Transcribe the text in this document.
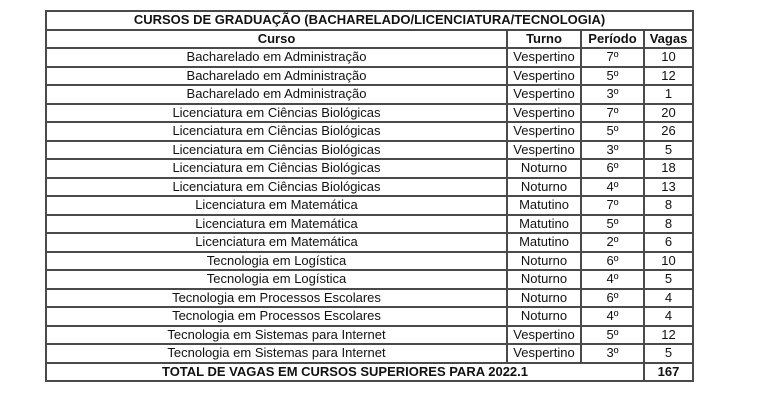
CURSOS DE GRADUAÇÃO (BACHARELADO/LICENCIATURA/TECNOLOGIA)			
Curso	Turno	Período	Vagas
Bacharelado em Administração	Vespertino	7º	10
Bacharelado em Administração	Vespertino	5º	12
Bacharelado em Administração	Vespertino	3º	1
Licenciatura em Ciências Biológicas	Vespertino	7º	20
Licenciatura em Ciências Biológicas	Vespertino	5º	26
Licenciatura em Ciências Biológicas	Vespertino	3º	5
Licenciatura em Ciências Biológicas	Noturno	6º	18
Licenciatura em Ciências Biológicas	Noturno	4º	13
Licenciatura em Matemática	Matutino	7º	8
Licenciatura em Matemática	Matutino	5º	8
Licenciatura em Matemática	Matutino	2º	6
Tecnologia em Logística	Noturno	6º	10
Tecnologia em Logística	Noturno	4º	5
Tecnologia em Processos Escolares	Noturno	6º	4
Tecnologia em Processos Escolares	Noturno	4º	4
Tecnologia em Sistemas para Internet	Vespertino	5º	12
Tecnologia em Sistemas para Internet	Vespertino	3º	5
TOTAL DE VAGAS EM CURSOS SUPERIORES PARA 2022.1			167
